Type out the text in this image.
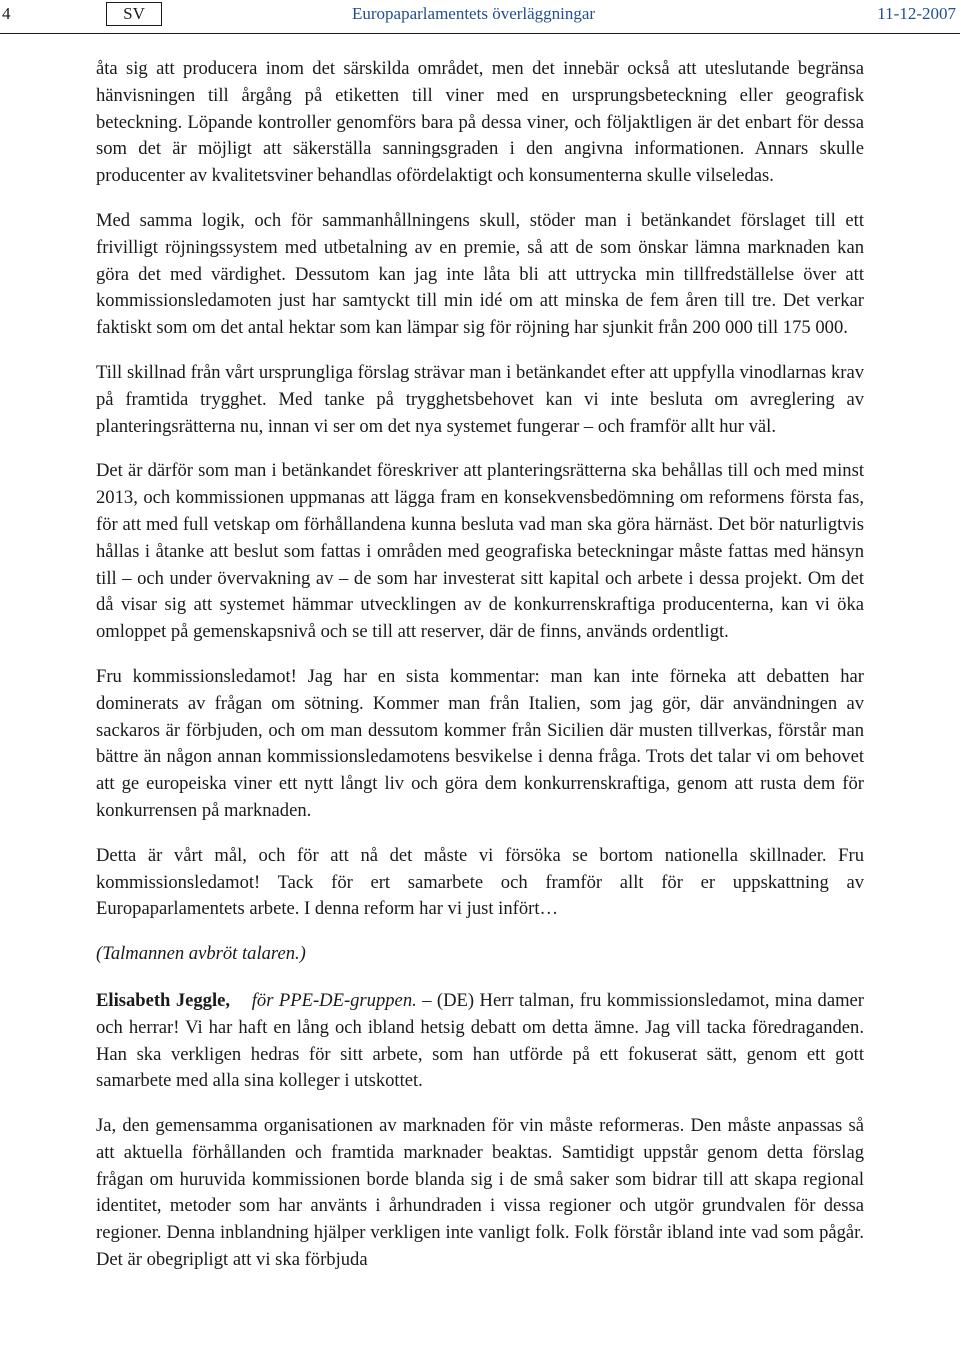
4	SV	Europaparlamentets överläggningar	11-12-2007

åta sig att producera inom det särskilda området, men det innebär också att uteslutande begränsa hänvisningen till årgång på etiketten till viner med en ursprungsbeteckning eller geografisk beteckning. Löpande kontroller genomförs bara på dessa viner, och följaktligen är det enbart för dessa som det är möjligt att säkerställa sanningsgraden i den angivna informationen. Annars skulle producenter av kvalitetsviner behandlas ofördelaktigt och konsumenterna skulle vilseledas.

Med samma logik, och för sammanhållningens skull, stöder man i betänkandet förslaget till ett frivilligt röjningssystem med utbetalning av en premie, så att de som önskar lämna marknaden kan göra det med värdighet. Dessutom kan jag inte låta bli att uttrycka min tillfredställelse över att kommissionsledamoten just har samtyckt till min idé om att minska de fem åren till tre. Det verkar faktiskt som om det antal hektar som kan lämpar sig för röjning har sjunkit från 200 000 till 175 000.

Till skillnad från vårt ursprungliga förslag strävar man i betänkandet efter att uppfylla vinodlarnas krav på framtida trygghet. Med tanke på trygghetsbehovet kan vi inte besluta om avreglering av planteringsrätterna nu, innan vi ser om det nya systemet fungerar – och framför allt hur väl.

Det är därför som man i betänkandet föreskriver att planteringsrätterna ska behållas till och med minst 2013, och kommissionen uppmanas att lägga fram en konsekvensbedömning om reformens första fas, för att med full vetskap om förhållandena kunna besluta vad man ska göra härnäst. Det bör naturligtvis hållas i åtanke att beslut som fattas i områden med geografiska beteckningar måste fattas med hänsyn till – och under övervakning av – de som har investerat sitt kapital och arbete i dessa projekt. Om det då visar sig att systemet hämmar utvecklingen av de konkurrenskraftiga producenterna, kan vi öka omloppet på gemenskapsnivå och se till att reserver, där de finns, används ordentligt.

Fru kommissionsledamot! Jag har en sista kommentar: man kan inte förneka att debatten har dominerats av frågan om sötning. Kommer man från Italien, som jag gör, där användningen av sackaros är förbjuden, och om man dessutom kommer från Sicilien där musten tillverkas, förstår man bättre än någon annan kommissionsledamotens besvikelse i denna fråga. Trots det talar vi om behovet att ge europeiska viner ett nytt långt liv och göra dem konkurrenskraftiga, genom att rusta dem för konkurrensen på marknaden.

Detta är vårt mål, och för att nå det måste vi försöka se bortom nationella skillnader. Fru kommissionsledamot! Tack för ert samarbete och framför allt för er uppskattning av Europaparlamentets arbete. I denna reform har vi just infört…

(Talmannen avbröt talaren.)

Elisabeth Jeggle, för PPE-DE-gruppen. – (DE) Herr talman, fru kommissionsledamot, mina damer och herrar! Vi har haft en lång och ibland hetsig debatt om detta ämne. Jag vill tacka föredraganden. Han ska verkligen hedras för sitt arbete, som han utförde på ett fokuserat sätt, genom ett gott samarbete med alla sina kolleger i utskottet.

Ja, den gemensamma organisationen av marknaden för vin måste reformeras. Den måste anpassas så att aktuella förhållanden och framtida marknader beaktas. Samtidigt uppstår genom detta förslag frågan om huruvida kommissionen borde blanda sig i de små saker som bidrar till att skapa regional identitet, metoder som har använts i århundraden i vissa regioner och utgör grundvalen för dessa regioner. Denna inblandning hjälper verkligen inte vanligt folk. Folk förstår ibland inte vad som pågår. Det är obegripligt att vi ska förbjuda
